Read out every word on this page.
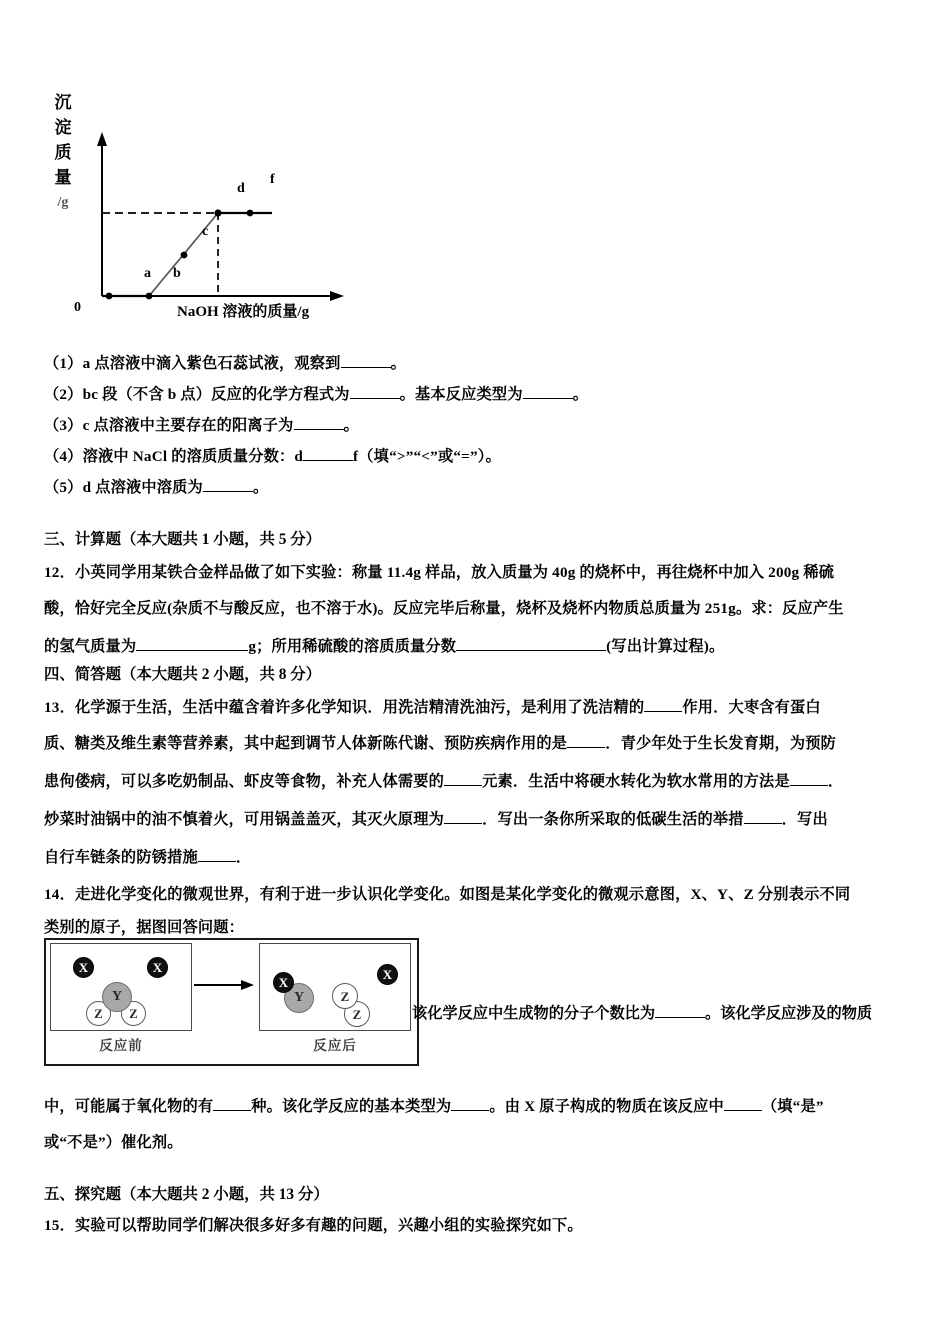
a b
c
d
f
0
沉
淀
质
量
/g
NaOH 溶液的质量/g
（1）a 点溶液中滴入紫色石蕊试液，观察到	。
（2）bc 段（不含 b 点）反应的化学方程式为	。基本反应类型为	。
（3）c 点溶液中主要存在的阳离子为	。
（4）溶液中 NaCl 的溶质质量分数：d	f（填“>”“<”或“=”）。
（5）d 点溶液中溶质为	。
三、计算题（本大题共 1 小题，共 5 分）
12．小英同学用某铁合金样品做了如下实验：称量 11.4g 样品，放入质量为 40g 的烧杯中，再往烧杯中加入 200g 稀硫
酸，恰好完全反应(杂质不与酸反应，也不溶于水)。反应完毕后称量，烧杯及烧杯内物质总质量为 251g。求：反应产生
的氢气质量为	g；所用稀硫酸的溶质质量分数	(写出计算过程)。
四、简答题（本大题共 2 小题，共 8 分）
13．化学源于生活，生活中蕴含着许多化学知识．用洗洁精清洗油污，是利用了洗洁精的	作用．大枣含有蛋白
质、糖类及维生素等营养素，其中起到调节人体新陈代谢、预防疾病作用的是	．青少年处于生长发育期，为预防
患佝偻病，可以多吃奶制品、虾皮等食物，补充人体需要的	元素．生活中将硬水转化为软水常用的方法是	．
炒菜时油锅中的油不慎着火，可用锅盖盖灭，其灭火原理为	．写出一条你所采取的低碳生活的举措	．写出
自行车链条的防锈措施	．
14．走进化学变化的微观世界，有利于进一步认识化学变化。如图是某化学变化的微观示意图，X、Y、Z 分别表示不同
类别的原子，据图回答问题：
X	X
Y
Z Z
→ X
Y
X
Z
Z
反应前	反应后
该化学反应中生成物的分子个数比为	。该化学反应涉及的物质
中，可能属于氧化物的有	种。该化学反应的基本类型为	。由 X 原子构成的物质在该反应中	（填“是”
或“不是”）催化剂。
五、探究题（本大题共 2 小题，共 13 分）
15．实验可以帮助同学们解决很多好多有趣的问题，兴趣小组的实验探究如下。
